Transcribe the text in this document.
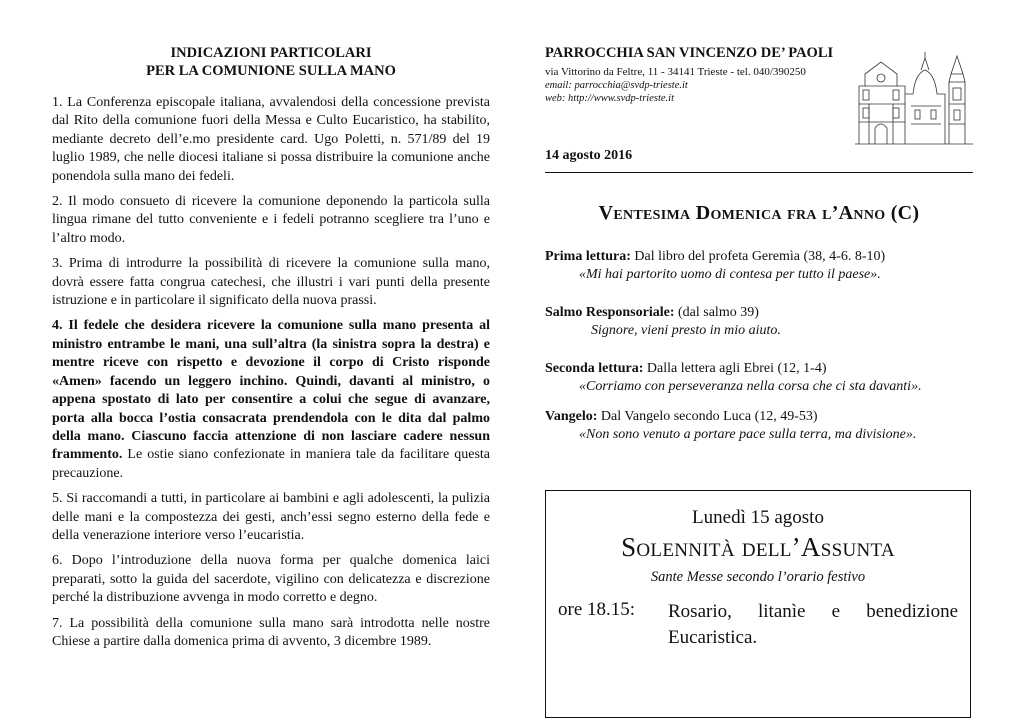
INDICAZIONI PARTICOLARI
PER LA COMUNIONE SULLA MANO

1. La Conferenza episcopale italiana, avvalendosi della concessione prevista dal Rito della comunione fuori della Messa e Culto Eucaristico, ha stabilito, mediante decreto dell’e.mo presidente card. Ugo Poletti, n. 571/89 del 19 luglio 1989, che nelle diocesi italiane si possa distribuire la comunione anche ponendola sulla mano dei fedeli.

2. Il modo consueto di ricevere la comunione deponendo la particola sulla lingua rimane del tutto conveniente e i fedeli potranno scegliere tra l’uno e l’altro modo.

3. Prima di introdurre la possibilità di ricevere la comunione sulla mano, dovrà essere fatta congrua catechesi, che illustri i vari punti della presente istruzione e in particolare il significato della nuova prassi.

4. Il fedele che desidera ricevere la comunione sulla mano presenta al ministro entrambe le mani, una sull’altra (la sinistra sopra la destra) e mentre riceve con rispetto e devozione il corpo di Cristo risponde «Amen» facendo un leggero inchino. Quindi, davanti al ministro, o appena spostato di lato per consentire a colui che segue di avanzare, porta alla bocca l’ostia consacrata prendendola con le dita dal palmo della mano. Ciascuno faccia attenzione di non lasciare cadere nessun frammento. Le ostie siano confezionate in maniera tale da facilitare questa precauzione.

5. Si raccomandi a tutti, in particolare ai bambini e agli adolescenti, la pulizia delle mani e la compostezza dei gesti, anch’essi segno esterno della fede e della venerazione interiore verso l’eucaristia.

6. Dopo l’introduzione della nuova forma per qualche domenica laici preparati, sotto la guida del sacerdote, vigilino con delicatezza e discrezione perché la distribuzione avvenga in modo corretto e degno.

7. La possibilità della comunione sulla mano sarà introdotta nelle nostre Chiese a partire dalla domenica prima di avvento, 3 dicembre 1989.

PARROCCHIA SAN VINCENZO DE’ PAOLI
via Vittorino da Feltre, 11 - 34141 Trieste - tel. 040/390250
email: parrocchia@svdp-trieste.it
web: http://www.svdp-trieste.it
14 agosto 2016
Ventesima Domenica fra l’Anno (C)
Prima lettura: Dal libro del profeta Geremìa (38, 4-6. 8-10)
«Mi hai partorito uomo di contesa per tutto il paese».
Salmo Responsoriale: (dal salmo 39)
Signore, vieni presto in mio aiuto.
Seconda lettura: Dalla lettera agli Ebrei (12, 1-4)
«Corriamo con perseveranza nella corsa che ci sta davanti».
Vangelo: Dal Vangelo secondo Luca (12, 49-53)
«Non sono venuto a portare pace sulla terra, ma divisione».
Lunedì 15 agosto
Solennità dell’Assunta
Sante Messe secondo l’orario festivo
ore 18.15: Rosario, litanìe e benedizione
Eucaristica.
